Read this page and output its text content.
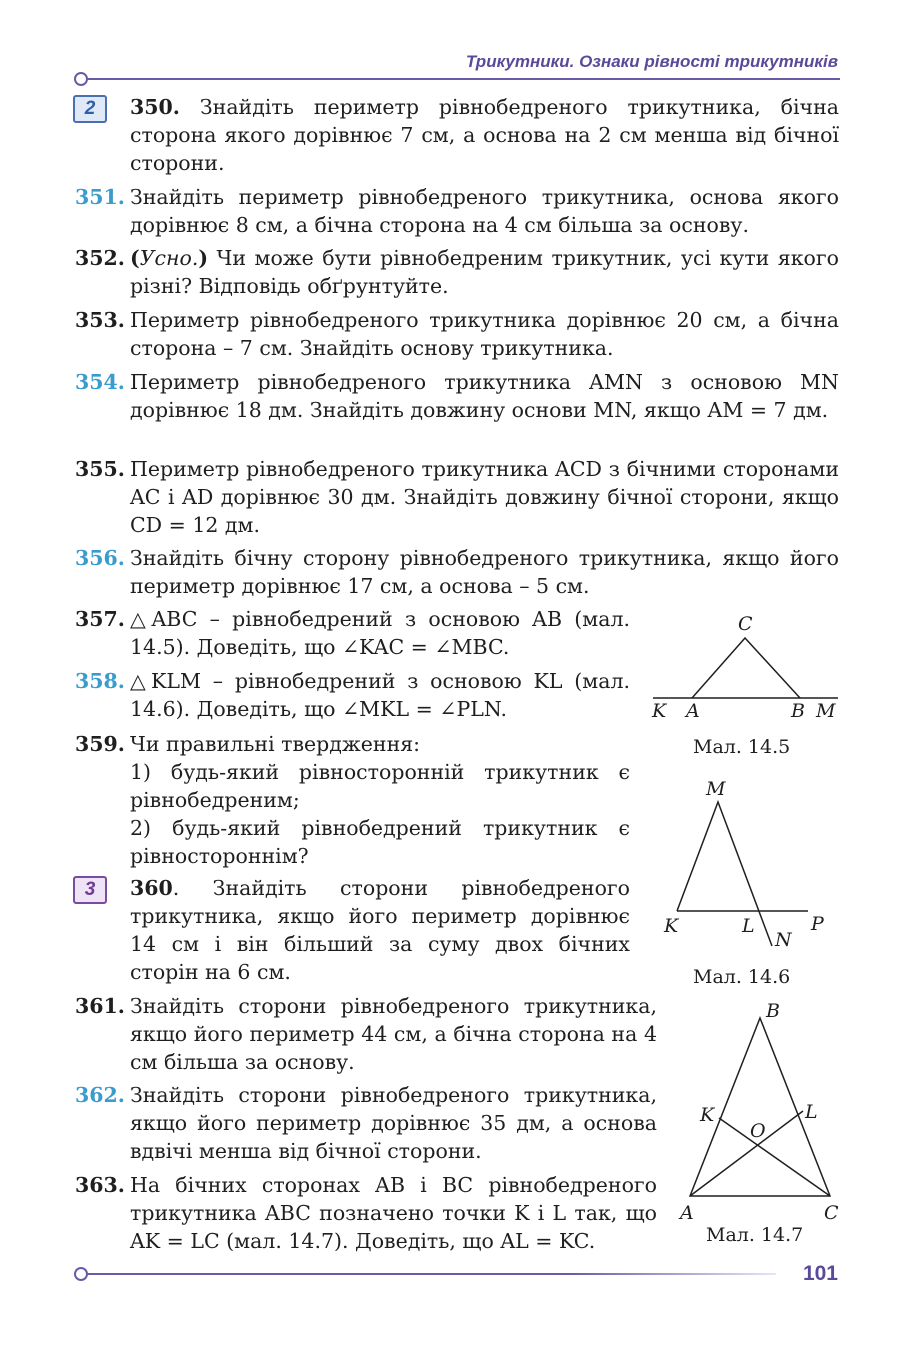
Трикутники. Ознаки рівності трикутників
2	350. Знайдіть периметр рівнобедреного трикутника, бічна сторона якого дорівнює 7 см, а основа на 2 см менша від бічної сторони.
351. Знайдіть периметр рівнобедреного трикутника, основа якого дорівнює 8 см, а бічна сторона на 4 см більша за основу.
352. (Усно.) Чи може бути рівнобедреним трикутник, усі кути якого різні? Відповідь обґрунтуйте.
353. Периметр рівнобедреного трикутника дорівнює 20 см, а бічна сторона – 7 см. Знайдіть основу трикутника.
354. Периметр рівнобедреного трикутника AMN з основою MN дорівнює 18 дм. Знайдіть довжину основи MN, якщо AM = 7 дм.
355. Периметр рівнобедреного трикутника ACD з бічними сторонами AC і AD дорівнює 30 дм. Знайдіть довжину бічної сторони, якщо CD = 12 дм.
356. Знайдіть бічну сторону рівнобедреного трикутника, якщо його периметр дорівнює 17 см, а основа – 5 см.
357. △ABC – рівнобедрений з основою AB (мал. 14.5). Доведіть, що ∠KAC = ∠MBC.
358. △KLM – рівнобедрений з основою KL (мал. 14.6). Доведіть, що ∠MKL = ∠PLN.
359. Чи правильні твердження:
1) будь-який рівносторонній трикутник є рівнобедреним;
2) будь-який рівнобедрений трикутник є рівностороннім?
3	360. Знайдіть сторони рівнобедреного трикутника, якщо його периметр дорівнює 14 см і він більший за суму двох бічних сторін на 6 см.
361. Знайдіть сторони рівнобедреного трикутника, якщо його периметр 44 см, а бічна сторона на 4 см більша за основу.
362. Знайдіть сторони рівнобедреного трикутника, якщо його периметр дорівнює 35 дм, а основа вдвічі менша від бічної сторони.
363. На бічних сторонах AB і BC рівнобедреного трикутника ABC позначено точки K і L так, що AK = LC (мал. 14.7). Доведіть, що AL = KC.
C
K A	B M
Мал. 14.5
M
K	L
N
P
Мал. 14.6
B
K	L
O
A	C
Мал. 14.7
101
